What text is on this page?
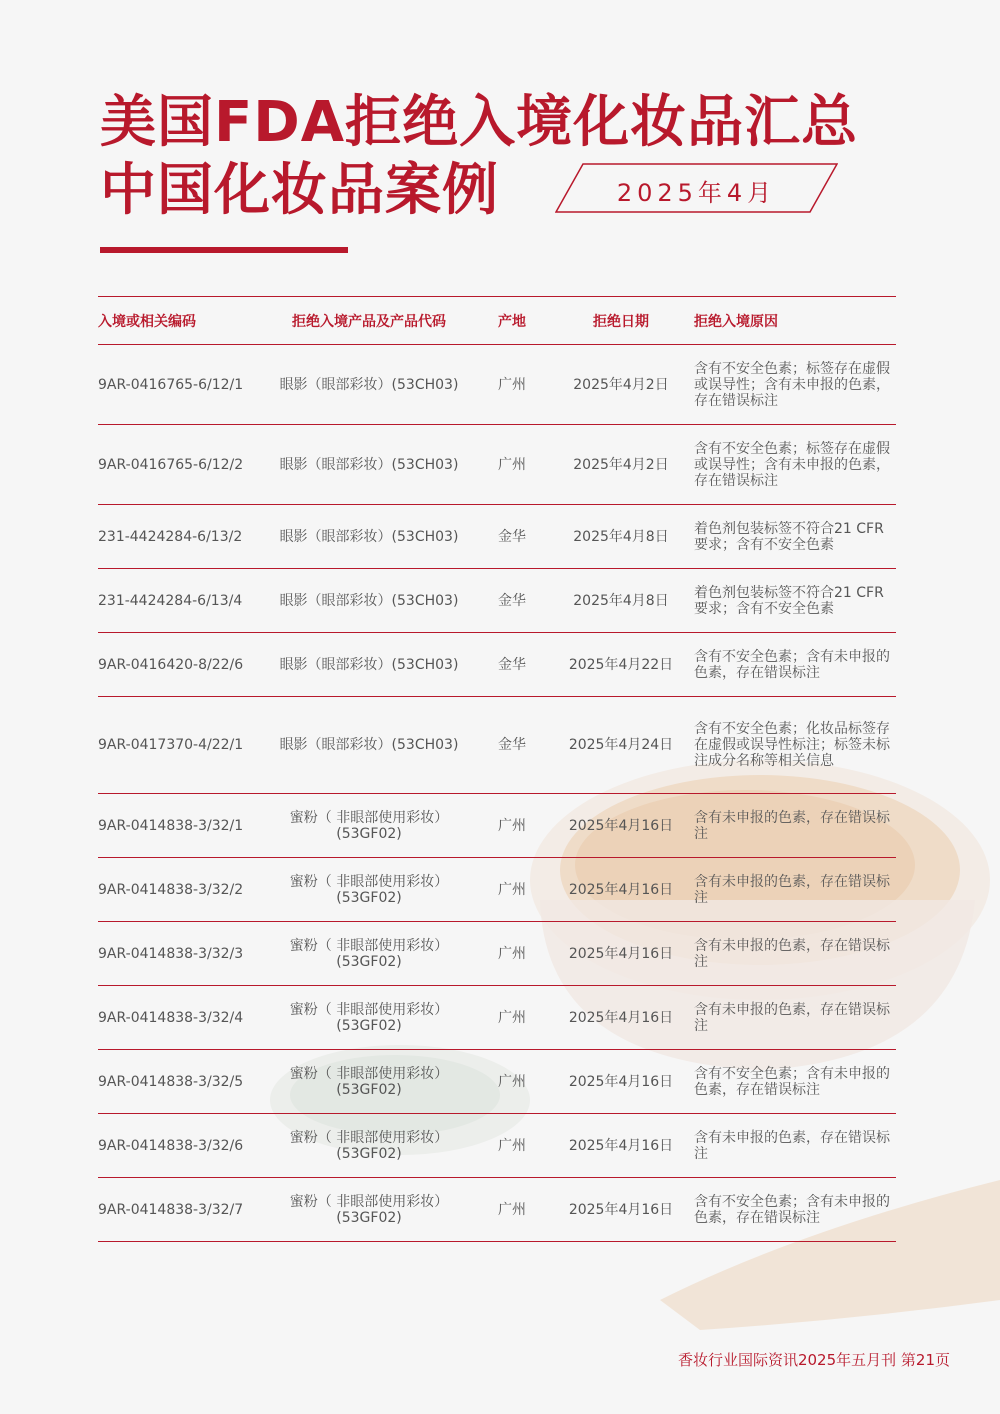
美国FDA拒绝入境化妆品汇总
中国化妆品案例	2025年4月
入境或相关编码	拒绝入境产品及产品代码	产地	拒绝日期	拒绝入境原因
9AR-0416765-6/12/1	眼影（眼部彩妆）(53CH03)	广州	2025年4月2日	含有不安全色素；标签存在虚假或误导性；含有未申报的色素，存在错误标注
9AR-0416765-6/12/2	眼影（眼部彩妆）(53CH03)	广州	2025年4月2日	含有不安全色素；标签存在虚假或误导性；含有未申报的色素，存在错误标注
231-4424284-6/13/2	眼影（眼部彩妆）(53CH03)	金华	2025年4月8日	着色剂包装标签不符合21 CFR要求；含有不安全色素
231-4424284-6/13/4	眼影（眼部彩妆）(53CH03)	金华	2025年4月8日	着色剂包装标签不符合21 CFR要求；含有不安全色素
9AR-0416420-8/22/6	眼影（眼部彩妆）(53CH03)	金华	2025年4月22日	含有不安全色素；含有未申报的色素，存在错误标注
9AR-0417370-4/22/1	眼影（眼部彩妆）(53CH03)	金华	2025年4月24日	含有不安全色素；化妆品标签存在虚假或误导性标注；标签未标注成分名称等相关信息
9AR-0414838-3/32/1	蜜粉（ 非眼部使用彩妆）(53GF02)	广州	2025年4月16日	含有未申报的色素，存在错误标注
9AR-0414838-3/32/2	蜜粉（ 非眼部使用彩妆）(53GF02)	广州	2025年4月16日	含有未申报的色素，存在错误标注
9AR-0414838-3/32/3	蜜粉（ 非眼部使用彩妆）(53GF02)	广州	2025年4月16日	含有未申报的色素，存在错误标注
9AR-0414838-3/32/4	蜜粉（ 非眼部使用彩妆）(53GF02)	广州	2025年4月16日	含有未申报的色素，存在错误标注
9AR-0414838-3/32/5	蜜粉（ 非眼部使用彩妆）(53GF02)	广州	2025年4月16日	含有不安全色素；含有未申报的色素，存在错误标注
9AR-0414838-3/32/6	蜜粉（ 非眼部使用彩妆）(53GF02)	广州	2025年4月16日	含有未申报的色素，存在错误标注
9AR-0414838-3/32/7	蜜粉（ 非眼部使用彩妆）(53GF02)	广州	2025年4月16日	含有不安全色素；含有未申报的色素，存在错误标注
香妆行业国际资讯2025年五月刊 第21页
